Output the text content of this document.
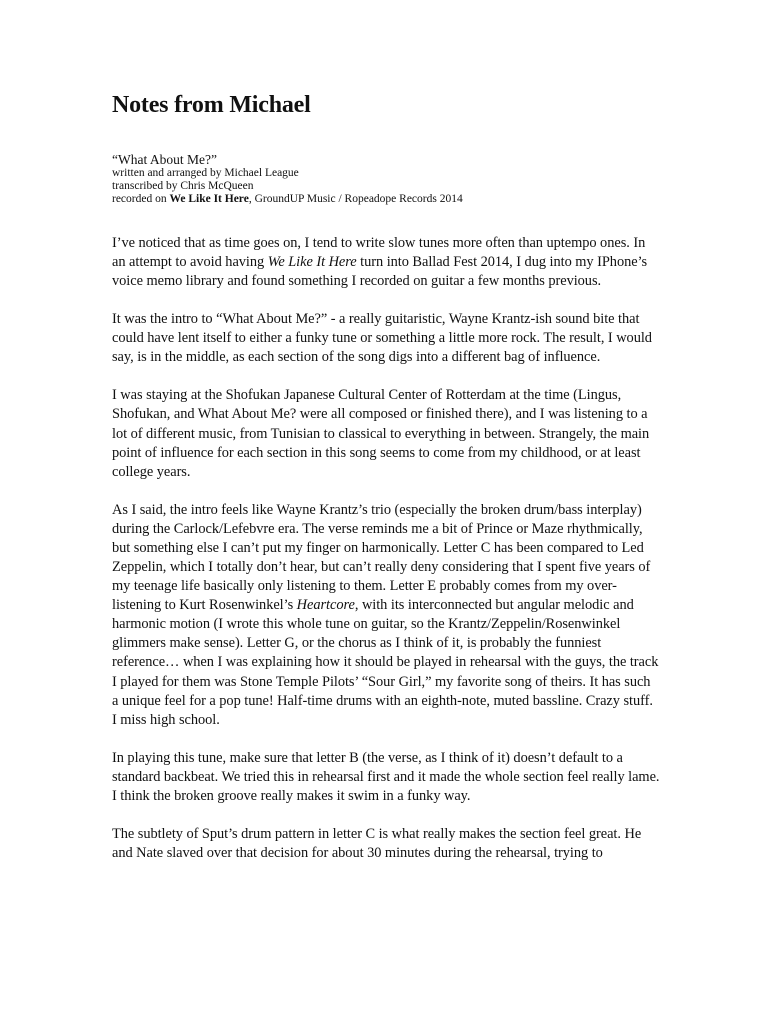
Notes from Michael
“What About Me?”
written and arranged by Michael League
transcribed by Chris McQueen
recorded on We Like It Here, GroundUP Music / Ropeadope Records 2014

I’ve noticed that as time goes on, I tend to write slow tunes more often than uptempo ones. In an attempt to avoid having We Like It Here turn into Ballad Fest 2014, I dug into my IPhone’s voice memo library and found something I recorded on guitar a few months previous.

It was the intro to “What About Me?” - a really guitaristic, Wayne Krantz-ish sound bite that could have lent itself to either a funky tune or something a little more rock. The result, I would say, is in the middle, as each section of the song digs into a different bag of influence.

I was staying at the Shofukan Japanese Cultural Center of Rotterdam at the time (Lingus, Shofukan, and What About Me? were all composed or finished there), and I was listening to a lot of different music, from Tunisian to classical to everything in between. Strangely, the main point of influence for each section in this song seems to come from my childhood, or at least college years.

As I said, the intro feels like Wayne Krantz’s trio (especially the broken drum/bass interplay) during the Carlock/Lefebvre era. The verse reminds me a bit of Prince or Maze rhythmically, but something else I can’t put my finger on harmonically. Letter C has been compared to Led Zeppelin, which I totally don’t hear, but can’t really deny considering that I spent five years of my teenage life basically only listening to them. Letter E probably comes from my over-listening to Kurt Rosenwinkel’s Heartcore, with its interconnected but angular melodic and harmonic motion (I wrote this whole tune on guitar, so the Krantz/Zeppelin/Rosenwinkel glimmers make sense). Letter G, or the chorus as I think of it, is probably the funniest reference… when I was explaining how it should be played in rehearsal with the guys, the track I played for them was Stone Temple Pilots’ “Sour Girl,” my favorite song of theirs. It has such a unique feel for a pop tune! Half-time drums with an eighth-note, muted bassline. Crazy stuff. I miss high school.

In playing this tune, make sure that letter B (the verse, as I think of it) doesn’t default to a standard backbeat. We tried this in rehearsal first and it made the whole section feel really lame. I think the broken groove really makes it swim in a funky way.

The subtlety of Sput’s drum pattern in letter C is what really makes the section feel great. He and Nate slaved over that decision for about 30 minutes during the rehearsal, trying to
